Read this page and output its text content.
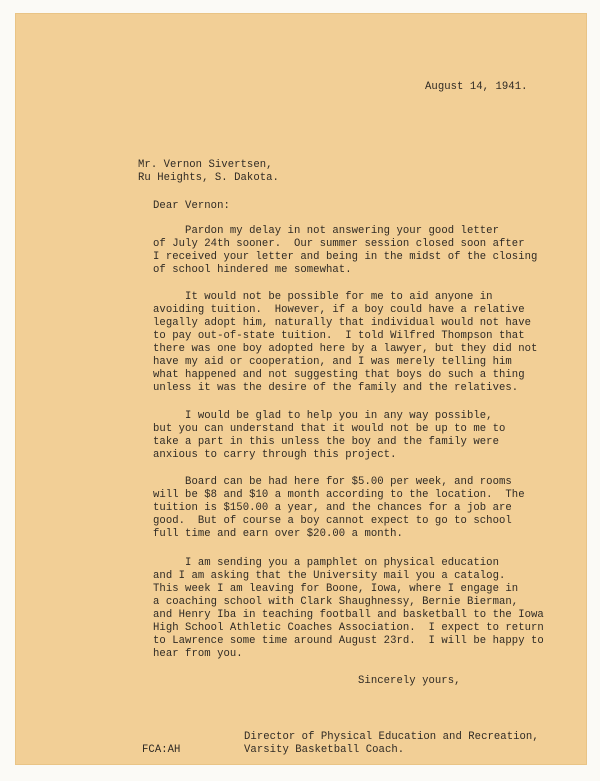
August 14, 1941.

Mr. Vernon Sivertsen,

Ru Heights, S. Dakota.

Dear Vernon:

Pardon my delay in not answering your good letter

of July 24th sooner.  Our summer session closed soon after

I received your letter and being in the midst of the closing

of school hindered me somewhat.

It would not be possible for me to aid anyone in

avoiding tuition.  However, if a boy could have a relative

legally adopt him, naturally that individual would not have

to pay out-of-state tuition.  I told Wilfred Thompson that

there was one boy adopted here by a lawyer, but they did not

have my aid or cooperation, and I was merely telling him

what happened and not suggesting that boys do such a thing

unless it was the desire of the family and the relatives.

I would be glad to help you in any way possible,

but you can understand that it would not be up to me to

take a part in this unless the boy and the family were

anxious to carry through this project.

Board can be had here for $5.00 per week, and rooms

will be $8 and $10 a month according to the location.  The

tuition is $150.00 a year, and the chances for a job are

good.  But of course a boy cannot expect to go to school

full time and earn over $20.00 a month.

I am sending you a pamphlet on physical education

and I am asking that the University mail you a catalog.

This week I am leaving for Boone, Iowa, where I engage in

a coaching school with Clark Shaughnessy, Bernie Bierman,

and Henry Iba in teaching football and basketball to the Iowa

High School Athletic Coaches Association.  I expect to return

to Lawrence some time around August 23rd.  I will be happy to

hear from you.

Sincerely yours,

Director of Physical Education and Recreation,

Varsity Basketball Coach.

FCA:AH
